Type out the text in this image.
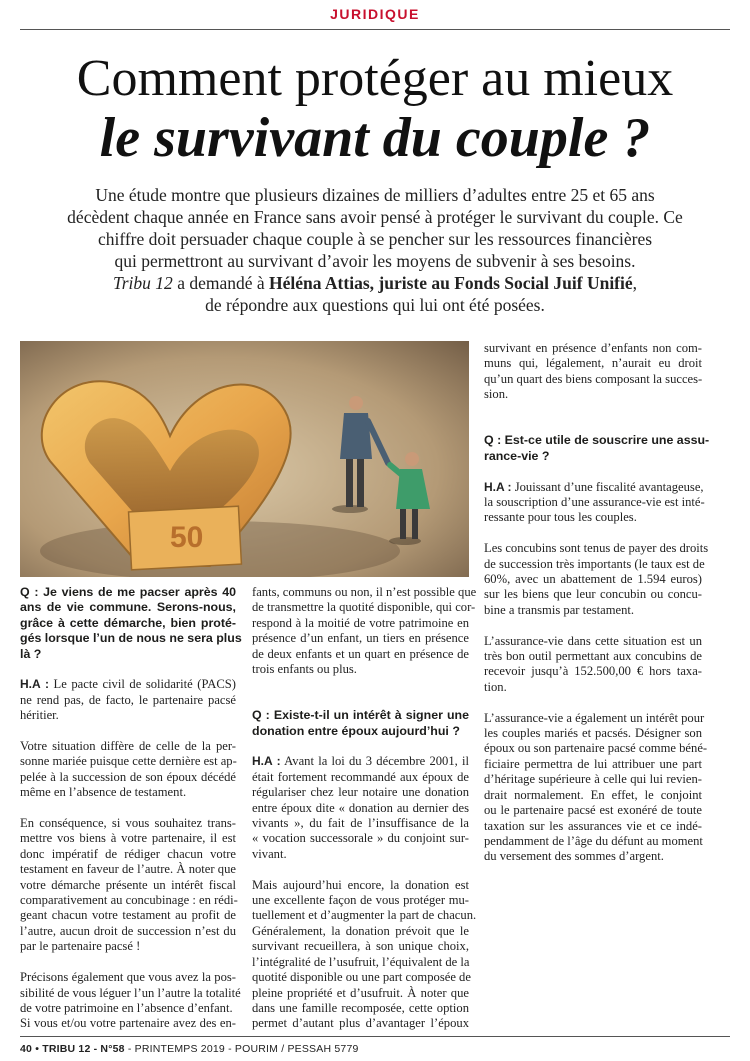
JURIDIQUE
Comment protéger au mieux
le survivant du couple ?
Une étude montre que plusieurs dizaines de milliers d’adultes entre 25 et 65 ans
décèdent chaque année en France sans avoir pensé à protéger le survivant du couple. Ce
chiffre doit persuader chaque couple à se pencher sur les ressources financières
qui permettront au survivant d’avoir les moyens de subvenir à ses besoins.
Tribu 12 a demandé à Héléna Attias, juriste au Fonds Social Juif Unifié,
de répondre aux questions qui lui ont été posées.
50
Q : Je viens de me pacser après 40
ans de vie commune. Serons-nous,
grâce à cette démarche, bien proté-
gés lorsque l’un de nous ne sera plus
là ?

H.A : Le pacte civil de solidarité (PACS)
ne rend pas, de facto, le partenaire pacsé
héritier.

Votre situation diffère de celle de la per-
sonne mariée puisque cette dernière est ap-
pelée à la succession de son époux décédé
même en l’absence de testament.

En conséquence, si vous souhaitez trans-
mettre vos biens à votre partenaire, il est
donc impératif de rédiger chacun votre
testament en faveur de l’autre. À noter que
votre démarche présente un intérêt fiscal
comparativement au concubinage : en rédi-
geant chacun votre testament au profit de
l’autre, aucun droit de succession n’est du
par le partenaire pacsé !

Précisons également que vous avez la pos-
sibilité de vous léguer l’un l’autre la totalité
de votre patrimoine en l’absence d’enfant.
Si vous et/ou votre partenaire avez des en-

fants, communs ou non, il n’est possible que
de transmettre la quotité disponible, qui cor-
respond à la moitié de votre patrimoine en
présence d’un enfant, un tiers en présence
de deux enfants et un quart en présence de
trois enfants ou plus.

Q : Existe-t-il un intérêt à signer une
donation entre époux aujourd’hui ?

H.A : Avant la loi du 3 décembre 2001, il
était fortement recommandé aux époux de
régulariser chez leur notaire une donation
entre époux dite « donation au dernier des
vivants », du fait de l’insuffisance de la
« vocation successorale » du conjoint sur-
vivant.

Mais aujourd’hui encore, la donation est
une excellente façon de vous protéger mu-
tuellement et d’augmenter la part de chacun.
Généralement, la donation prévoit que le
survivant recueillera, à son unique choix,
l’intégralité de l’usufruit, l’équivalent de la
quotité disponible ou une part composée de
pleine propriété et d’usufruit. À noter que
dans une famille recomposée, cette option
permet d’autant plus d’avantager l’époux

survivant en présence d’enfants non com-
muns qui, légalement, n’aurait eu droit
qu’un quart des biens composant la succes-
sion.

Q : Est-ce utile de souscrire une assu-
rance-vie ?

H.A : Jouissant d’une fiscalité avantageuse,
la souscription d’une assurance-vie est inté-
ressante pour tous les couples.

Les concubins sont tenus de payer des droits
de succession très importants (le taux est de
60%, avec un abattement de 1.594 euros)
sur les biens que leur concubin ou concu-
bine a transmis par testament.

L’assurance-vie dans cette situation est un
très bon outil permettant aux concubins de
recevoir jusqu’à 152.500,00 € hors taxa-
tion.

L’assurance-vie a également un intérêt pour
les couples mariés et pacsés. Désigner son
époux ou son partenaire pacsé comme béné-
ficiaire permettra de lui attribuer une part
d’héritage supérieure à celle qui lui revien-
drait normalement. En effet, le conjoint
ou le partenaire pacsé est exonéré de toute
taxation sur les assurances vie et ce indé-
pendamment de l’âge du défunt au moment
du versement des sommes d’argent.

40 • TRIBU 12 - N°58 - PRINTEMPS 2019 - POURIM / PESSAH 5779
